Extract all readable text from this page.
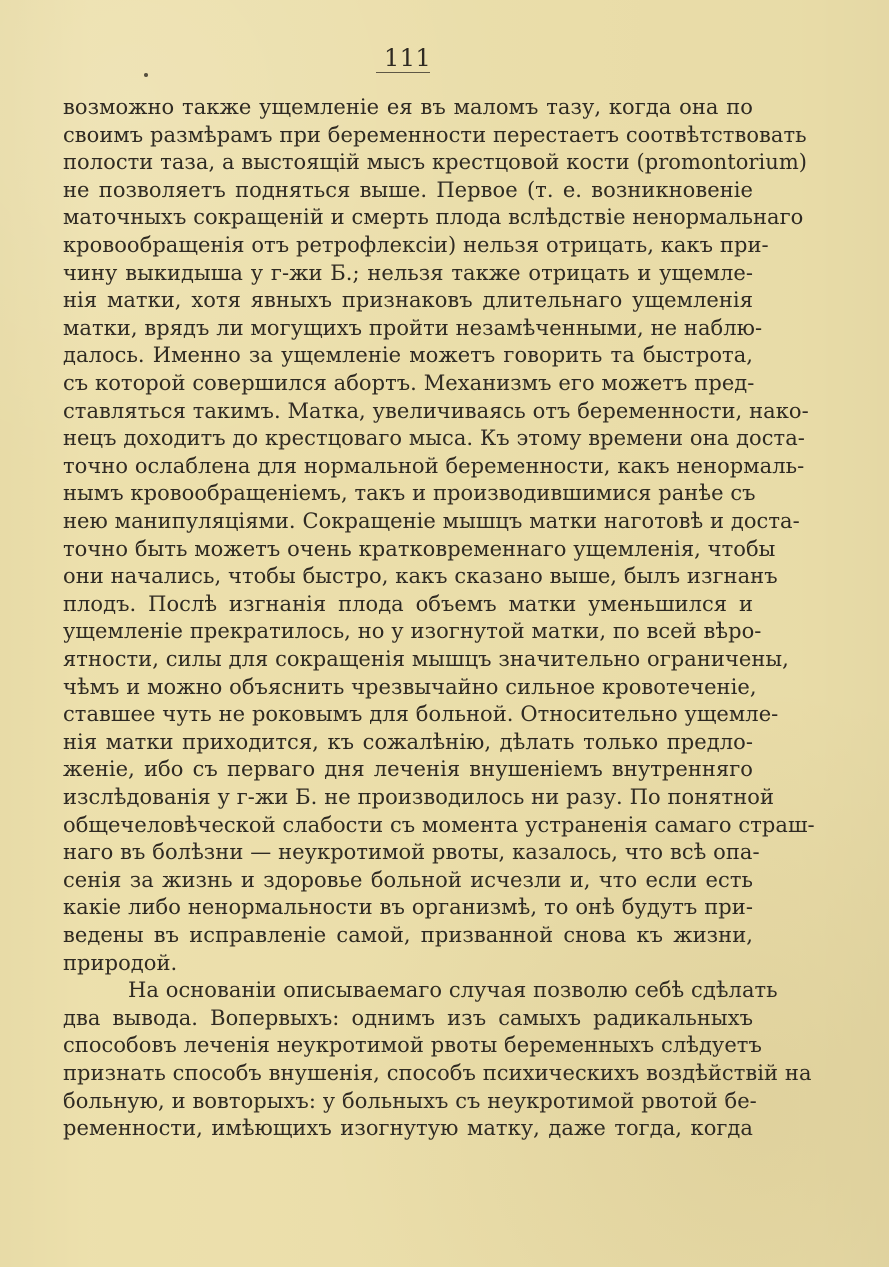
111
возможно также ущемленіе ея въ маломъ тазу, когда она по
своимъ размѣрамъ при беременности перестаетъ соотвѣтствовать
полости таза, а выстоящій мысъ крестцовой кости (promontorium)
не позволяетъ подняться выше. Первое (т. е. возникновеніе
маточныхъ сокращеній и смерть плода вслѣдствіе ненормальнаго
кровообращенія отъ ретрофлексіи) нельзя отрицать, какъ при-
чину выкидыша у г-жи Б.; нельзя также отрицать и ущемле-
нія матки, хотя явныхъ признаковъ длительнаго ущемленія
матки, врядъ ли могущихъ пройти незамѣченными, не наблю-
далось. Именно за ущемленіе можетъ говорить та быстрота,
съ которой совершился абортъ. Механизмъ его можетъ пред-
ставляться такимъ. Матка, увеличиваясь отъ беременности, нако-
нецъ доходитъ до крестцоваго мыса. Къ этому времени она доста-
точно ослаблена для нормальной беременности, какъ ненормаль-
нымъ кровообращеніемъ, такъ и производившимися ранѣе съ
нею манипуляціями. Сокращеніе мышцъ матки наготовѣ и доста-
точно быть можетъ очень кратковременнаго ущемленія, чтобы
они начались, чтобы быстро, какъ сказано выше, былъ изгнанъ
плодъ. Послѣ изгнанія плода объемъ матки уменьшился и
ущемленіе прекратилось, но у изогнутой матки, по всей вѣро-
ятности, силы для сокращенія мышцъ значительно ограничены,
чѣмъ и можно объяснить чрезвычайно сильное кровотеченіе,
ставшее чуть не роковымъ для больной. Относительно ущемле-
нія матки приходится, къ сожалѣнію, дѣлать только предло-
женіе, ибо съ перваго дня леченія внушеніемъ внутренняго
изслѣдованія у г-жи Б. не производилось ни разу. По понятной
общечеловѣческой слабости съ момента устраненія самаго страш-
наго въ болѣзни — неукротимой рвоты, казалось, что всѣ опа-
сенія за жизнь и здоровье больной исчезли и, что если есть
какіе либо ненормальности въ организмѣ, то онѣ будутъ при-
ведены въ исправленіе самой, призванной снова къ жизни,
природой.
На основаніи описываемаго случая позволю себѣ сдѣлать
два вывода. Вопервыхъ: однимъ изъ самыхъ радикальныхъ
способовъ леченія неукротимой рвоты беременныхъ слѣдуетъ
признать способъ внушенія, способъ психическихъ воздѣйствій на
больную, и вовторыхъ: у больныхъ съ неукротимой рвотой бе-
ременности, имѣющихъ изогнутую матку, даже тогда, когда
